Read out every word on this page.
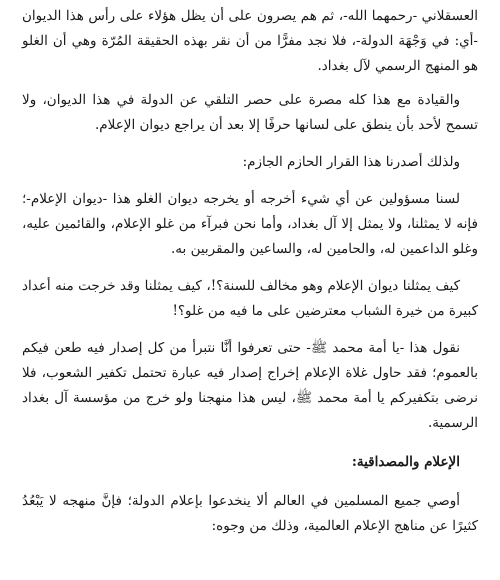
العسقلاني -رحمهما الله-، ثم هم يصرون على أن يظل هؤلاء على رأس هذا الديوان -أي: في وَجْهَة الدولة-، فلا نجد مفرًّا من أن نقر بهذه الحقيقة المُرّة وهي أن الغلو هو المنهج الرسمي لآل بغداد.

والقيادة مع هذا كله مصرة على حصر التلقي عن الدولة في هذا الديوان، ولا تسمح لأحد بأن ينطق على لسانها حرفًا إلا بعد أن يراجع ديوان الإعلام.

ولذلك أصدرنا هذا القرار الحازم الجازم:

لسنا مسؤولين عن أي شيء أخرجه أو يخرجه ديوان الغلو هذا -ديوان الإعلام-؛ فإنه لا يمثلنا، ولا يمثل إلا آل بغداد، وأما نحن فبرآء من غلو الإعلام، والقائمين عليه، وغلو الداعمين له، والحامين له، والساعين والمقربين به.

كيف يمثلنا ديوان الإعلام وهو مخالف للسنة؟!، كيف يمثلنا وقد خرجت منه أعداد كبيرة من خيرة الشباب معترضين على ما فيه من غلو؟!

نقول هذا -يا أمة محمد ﷺ- حتى تعرفوا أنَّا نتبرأ من كل إصدار فيه طعن فيكم بالعموم؛ فقد حاول غلاة الإعلام إخراج إصدار فيه عبارة تحتمل تكفير الشعوب، فلا نرضى بتكفيركم يا أمة محمد ﷺ، ليس هذا منهجنا ولو خرج من مؤسسة آل بغداد الرسمية.

الإعلام والمصداقية:

أوصي جميع المسلمين في العالم ألا ينخدعوا بإعلام الدولة؛ فإنَّ منهجه لا يَبْعُدُ كثيرًا عن مناهج الإعلام العالمية، وذلك من وجوه:
